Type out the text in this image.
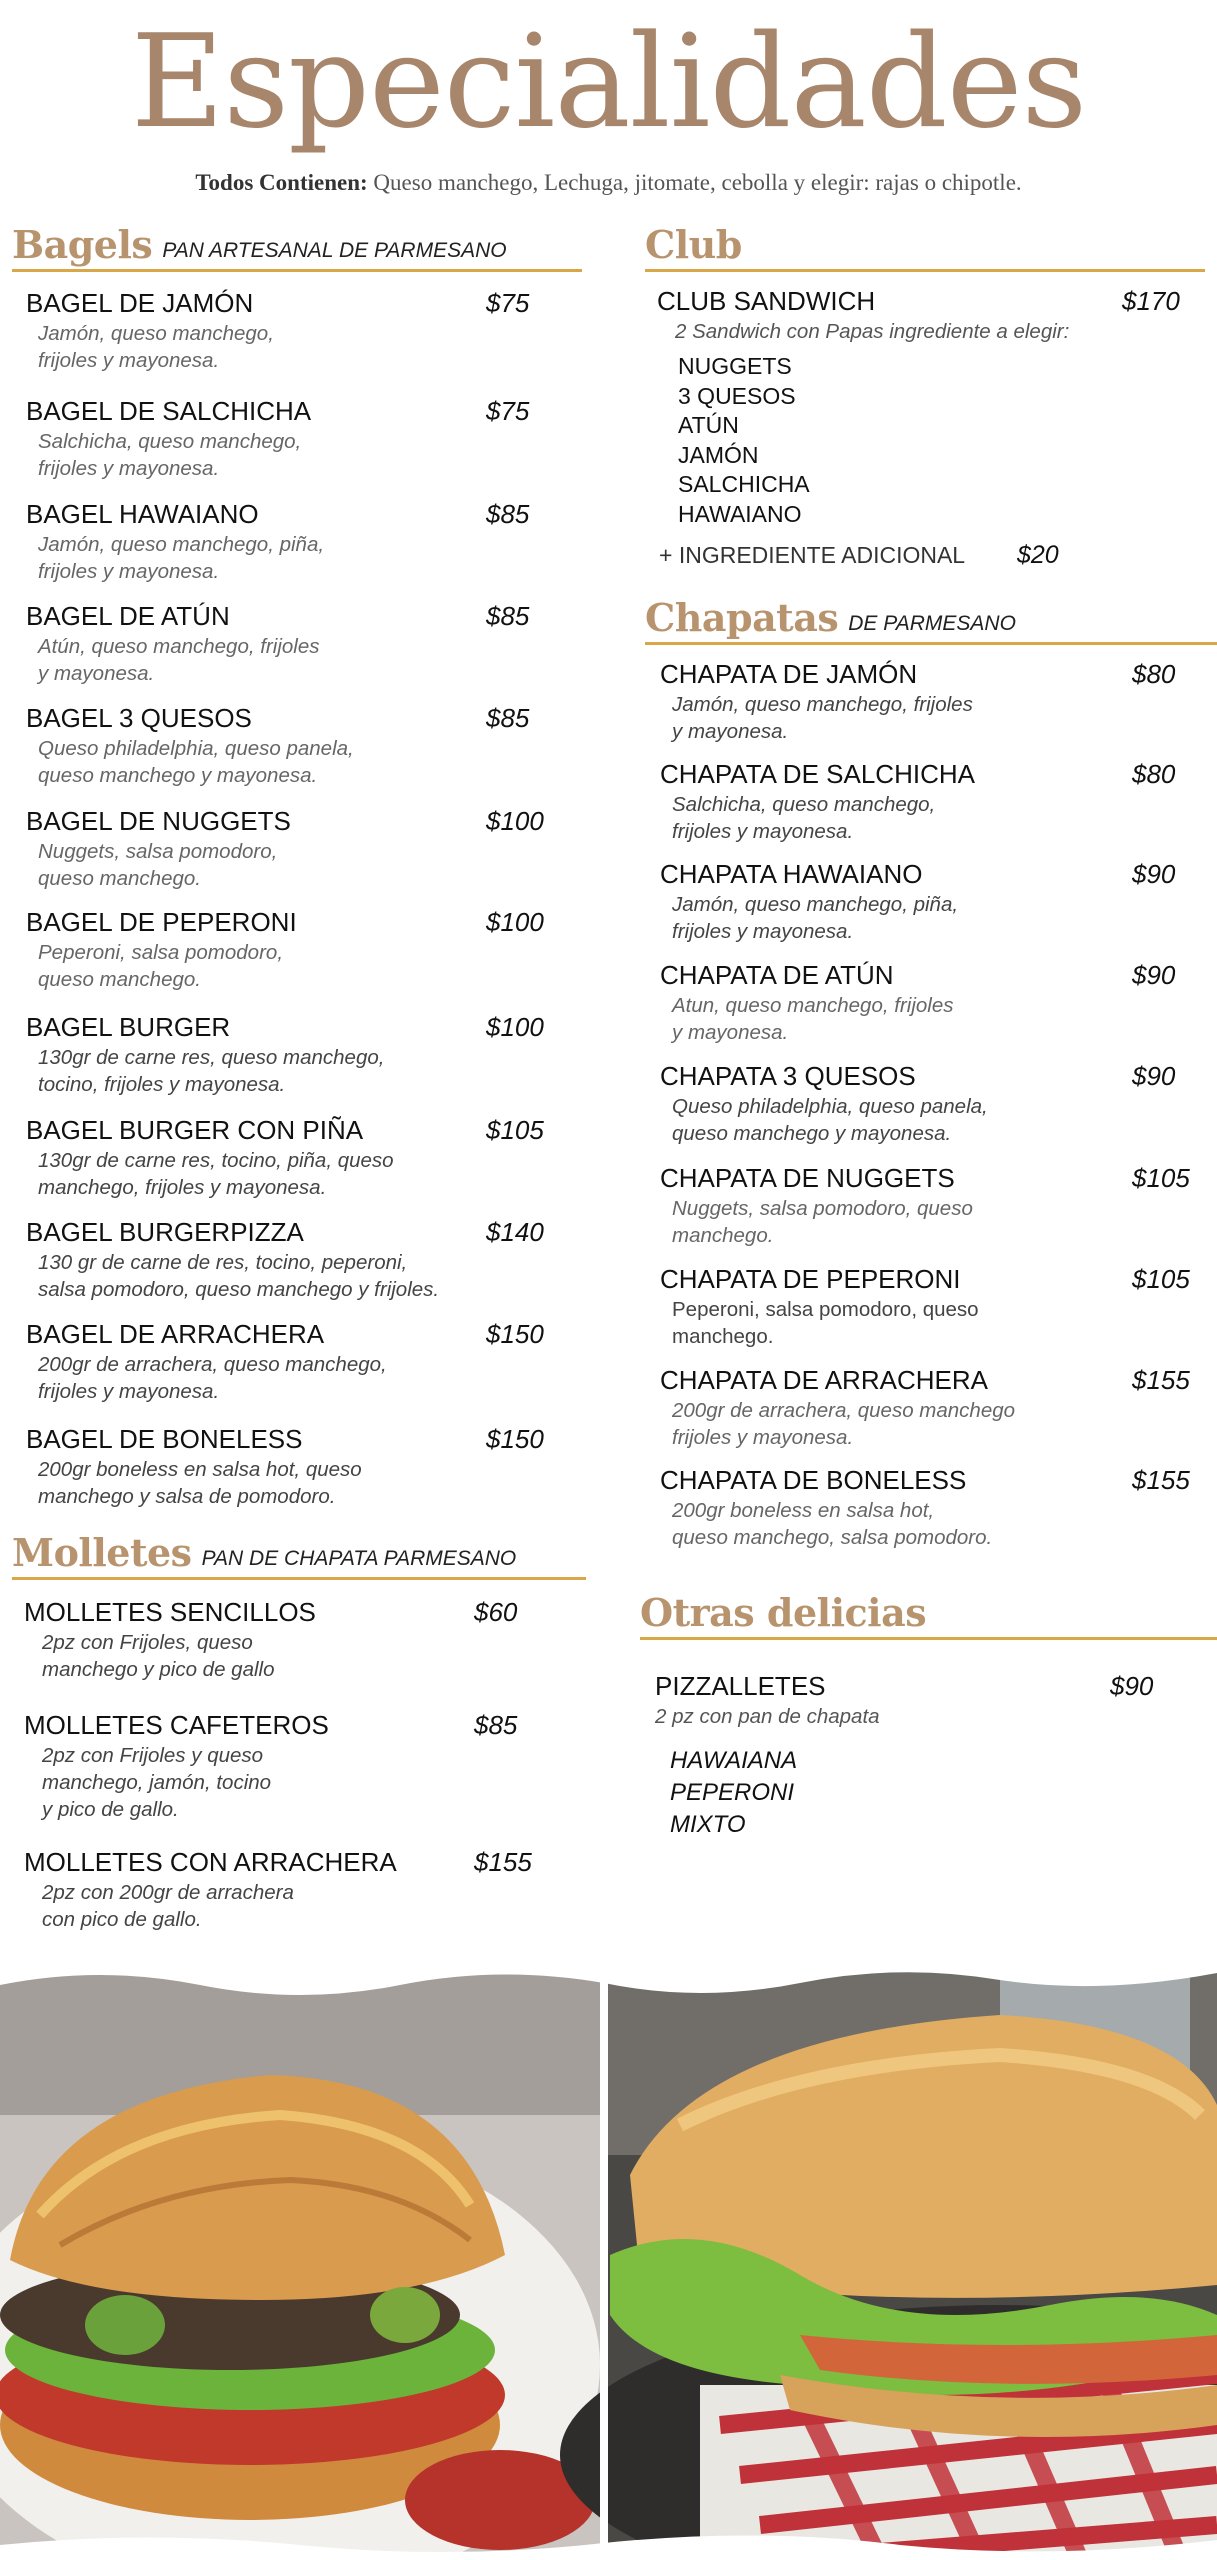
Especialidades
Todos Contienen: Queso manchego, Lechuga, jitomate, cebolla y elegir: rajas o chipotle.
Bagels PAN ARTESANAL DE PARMESANO
BAGEL DE JAMÓN	$75
Jamón, queso manchego,
frijoles y mayonesa.
BAGEL DE SALCHICHA	$75
Salchicha, queso manchego,
frijoles y mayonesa.
BAGEL HAWAIANO	$85
Jamón, queso manchego, piña,
frijoles y mayonesa.
BAGEL DE ATÚN	$85
Atún, queso manchego, frijoles
y mayonesa.
BAGEL 3 QUESOS	$85
Queso philadelphia, queso panela,
queso manchego y mayonesa.
BAGEL DE NUGGETS	$100
Nuggets, salsa pomodoro,
queso manchego.
BAGEL DE PEPERONI	$100
Peperoni, salsa pomodoro,
queso manchego.
BAGEL BURGER	$100
130gr de carne res, queso manchego,
tocino, frijoles y mayonesa.
BAGEL BURGER CON PIÑA	$105
130gr de carne res, tocino, piña, queso
manchego, frijoles y mayonesa.
BAGEL BURGERPIZZA	$140
130 gr de carne de res, tocino, peperoni,
salsa pomodoro, queso manchego y frijoles.
BAGEL DE ARRACHERA	$150
200gr de arrachera, queso manchego,
frijoles y mayonesa.
BAGEL DE BONELESS	$150
200gr boneless en salsa hot, queso
manchego y salsa de pomodoro.
Molletes PAN DE CHAPATA PARMESANO
MOLLETES SENCILLOS	$60
2pz con Frijoles, queso
manchego y pico de gallo
MOLLETES CAFETEROS	$85
2pz con Frijoles y queso
manchego, jamón, tocino
y pico de gallo.
MOLLETES CON ARRACHERA	$155
2pz con 200gr de arrachera
con pico de gallo.
Club
CLUB SANDWICH	$170
2 Sandwich con Papas ingrediente a elegir:
NUGGETS
3 QUESOS
ATÚN
JAMÓN
SALCHICHA
HAWAIANO
+ INGREDIENTE ADICIONAL	$20
Chapatas DE PARMESANO
CHAPATA DE JAMÓN	$80
Jamón, queso manchego, frijoles
y mayonesa.
CHAPATA DE SALCHICHA	$80
Salchicha, queso manchego,
frijoles y mayonesa.
CHAPATA HAWAIANO	$90
Jamón, queso manchego, piña,
frijoles y mayonesa.
CHAPATA DE ATÚN	$90
Atun, queso manchego, frijoles
y mayonesa.
CHAPATA 3 QUESOS	$90
Queso philadelphia, queso panela,
queso manchego y mayonesa.
CHAPATA DE NUGGETS	$105
Nuggets, salsa pomodoro, queso
manchego.
CHAPATA DE PEPERONI	$105
Peperoni, salsa pomodoro, queso
manchego.
CHAPATA DE ARRACHERA	$155
200gr de arrachera, queso manchego
frijoles y mayonesa.
CHAPATA DE BONELESS	$155
200gr boneless en salsa hot,
queso manchego, salsa pomodoro.
Otras delicias
PIZZALLETES	$90
2 pz con pan de chapata
HAWAIANA
PEPERONI
MIXTO
